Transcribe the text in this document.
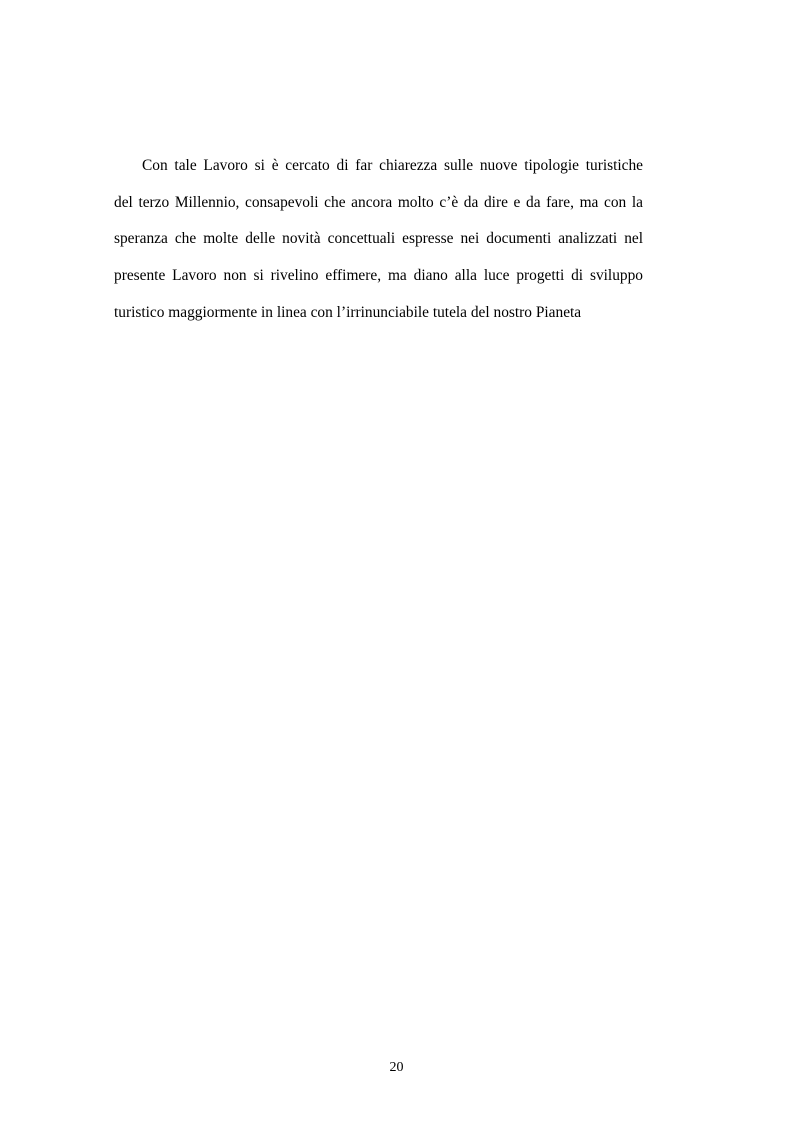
Con tale Lavoro si è cercato di far chiarezza sulle nuove tipologie turistiche
del terzo Millennio, consapevoli che ancora molto c’è da dire e da fare, ma con la
speranza che molte delle novità concettuali espresse nei documenti analizzati nel
presente Lavoro non si rivelino effimere, ma diano alla luce progetti di sviluppo
turistico maggiormente in linea con l’irrinunciabile tutela del nostro Pianeta

20
